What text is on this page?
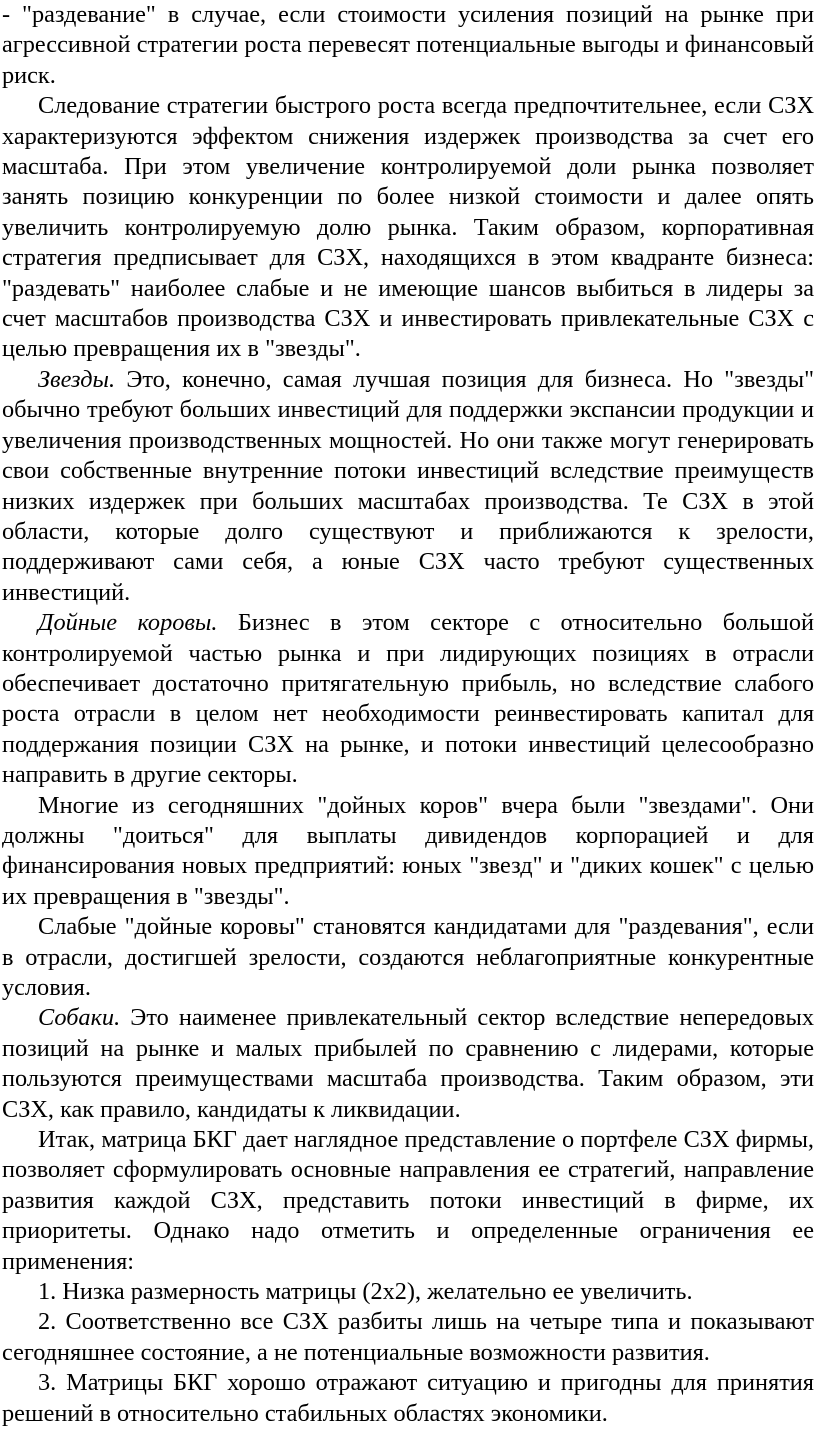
- "раздевание" в случае, если стоимости усиления позиций на рынке при агрессивной стратегии роста перевесят потенциальные выгоды и финансовый риск.

Следование стратегии быстрого роста всегда предпочтительнее, если СЗХ характеризуются эффектом снижения издержек производства за счет его масштаба. При этом увеличение контролируемой доли рынка позволяет занять позицию конкуренции по более низкой стоимости и далее опять увеличить контролируемую долю рынка. Таким образом, корпоративная стратегия предписывает для СЗХ, находящихся в этом квадранте бизнеса: "раздевать" наиболее слабые и не имеющие шансов выбиться в лидеры за счет масштабов производства СЗХ и инвестировать привлекательные СЗХ с целью превращения их в "звезды".

Звезды. Это, конечно, самая лучшая позиция для бизнеса. Но "звезды" обычно требуют больших инвестиций для поддержки экспансии продукции и увеличения производственных мощностей. Но они также могут генерировать свои собственные внутренние потоки инвестиций вследствие преимуществ низких издержек при больших масштабах производства. Те СЗХ в этой области, которые долго существуют и приближаются к зрелости, поддерживают сами себя, а юные СЗХ часто требуют существенных инвестиций.

Дойные коровы. Бизнес в этом секторе с относительно большой контролируемой частью рынка и при лидирующих позициях в отрасли обеспечивает достаточно притягательную прибыль, но вследствие слабого роста отрасли в целом нет необходимости реинвестировать капитал для поддержания позиции СЗХ на рынке, и потоки инвестиций целесообразно направить в другие секторы.

Многие из сегодняшних "дойных коров" вчера были "звездами". Они должны "доиться" для выплаты дивидендов корпорацией и для финансирования новых предприятий: юных "звезд" и "диких кошек" с целью их превращения в "звезды".

Слабые "дойные коровы" становятся кандидатами для "раздевания", если в отрасли, достигшей зрелости, создаются неблагоприятные конкурентные условия.

Собаки. Это наименее привлекательный сектор вследствие непередовых позиций на рынке и малых прибылей по сравнению с лидерами, которые пользуются преимуществами масштаба производства. Таким образом, эти СЗХ, как правило, кандидаты к ликвидации.

Итак, матрица БКГ дает наглядное представление о портфеле СЗХ фирмы, позволяет сформулировать основные направления ее стратегий, направление развития каждой СЗХ, представить потоки инвестиций в фирме, их приоритеты. Однако надо отметить и определенные ограничения ее применения:

1. Низка размерность матрицы (2х2), желательно ее увеличить.

2. Соответственно все СЗХ разбиты лишь на четыре типа и показывают сегодняшнее состояние, а не потенциальные возможности развития.

3. Матрицы БКГ хорошо отражают ситуацию и пригодны для принятия решений в относительно стабильных областях экономики.
